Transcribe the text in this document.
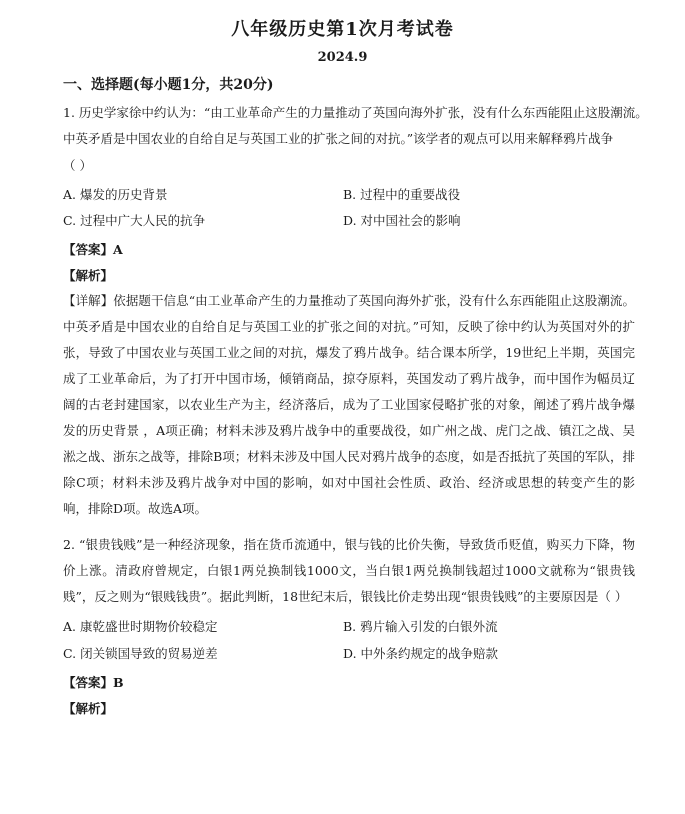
八年级历史第1次月考试卷
2024.9
一、选择题(每小题1分，共20分)
1. 历史学家徐中约认为：“由工业革命产生的力量推动了英国向海外扩张，没有什么东西能阻止这股潮流。
中英矛盾是中国农业的自给自足与英国工业的扩张之间的对抗。”该学者的观点可以用来解释鸦片战争
（ ）
A. 爆发的历史背景	B. 过程中的重要战役
C. 过程中广大人民的抗争	D. 对中国社会的影响
【答案】A
【解析】
【详解】依据题干信息“由工业革命产生的力量推动了英国向海外扩张，没有什么东西能阻止这股潮流。中英矛盾是中国农业的自给自足与英国工业的扩张之间的对抗。”可知，反映了徐中约认为英国对外的扩张，导致了中国农业与英国工业之间的对抗，爆发了鸦片战争。结合课本所学，19世纪上半期，英国完成了工业革命后，为了打开中国市场，倾销商品，掠夺原料，英国发动了鸦片战争，而中国作为幅员辽阔的古老封建国家，以农业生产为主，经济落后，成为了工业国家侵略扩张的对象，阐述了鸦片战争爆发的历史背景 ，A项正确；材料未涉及鸦片战争中的重要战役，如广州之战、虎门之战、镇江之战、吴淞之战、浙东之战等，排除B项；材料未涉及中国人民对鸦片战争的态度，如是否抵抗了英国的军队，排除C项；材料未涉及鸦片战争对中国的影响，如对中国社会性质、政治、经济或思想的转变产生的影响，排除D项。故选A项。
2. “银贵钱贱”是一种经济现象，指在货币流通中，银与钱的比价失衡，导致货币贬值，购买力下降，物价上涨。清政府曾规定，白银1两兑换制钱1000文，当白银1两兑换制钱超过1000文就称为“银贵钱贱”，反之则为“银贱钱贵”。据此判断，18世纪末后，银钱比价走势出现“银贵钱贱”的主要原因是（ ）
A. 康乾盛世时期物价较稳定	B. 鸦片输入引发的白银外流
C. 闭关锁国导致的贸易逆差	D. 中外条约规定的战争赔款
【答案】B
【解析】
